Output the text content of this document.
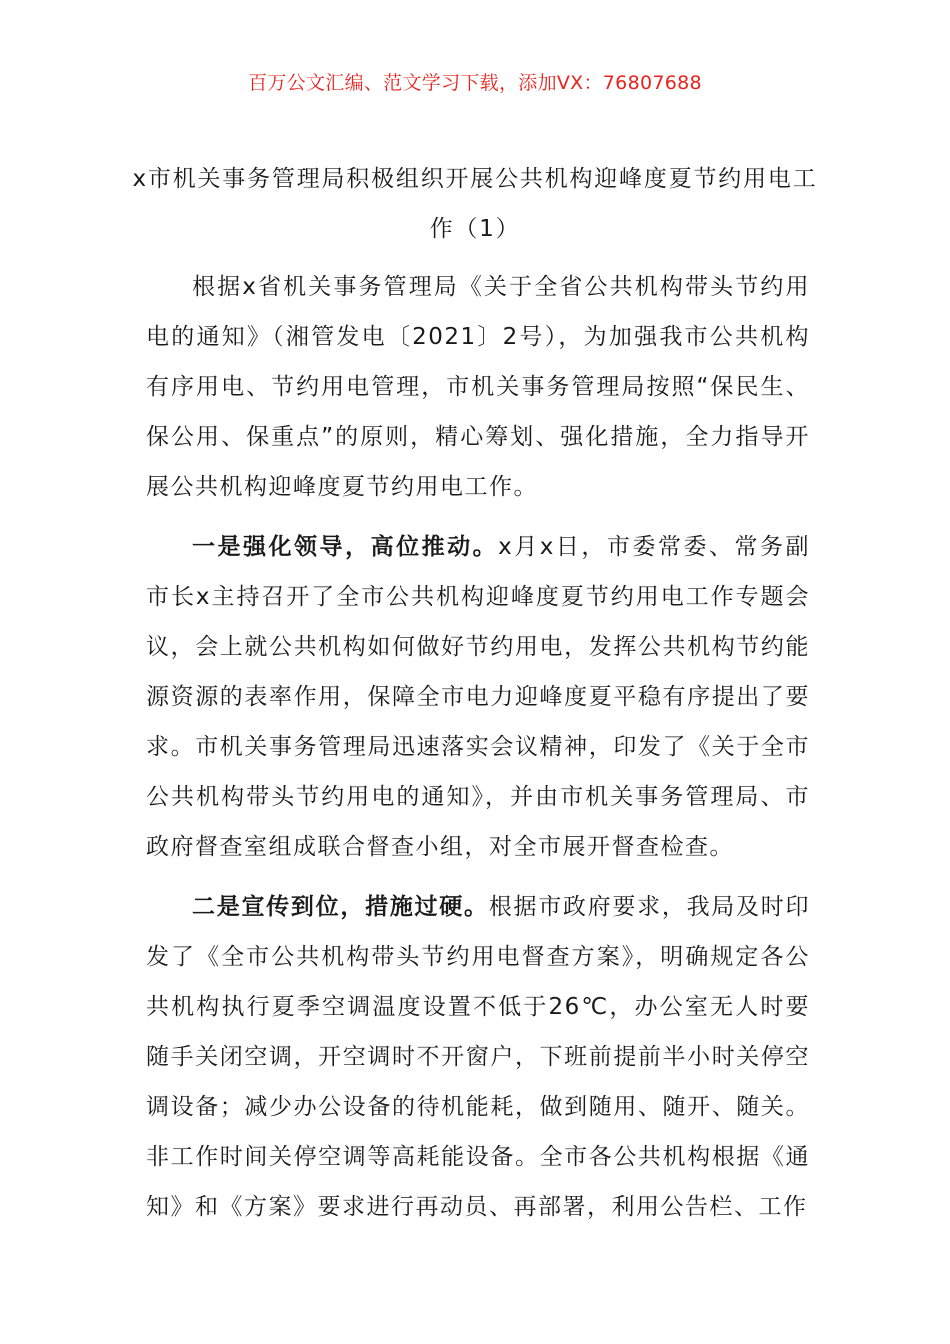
百万公文汇编、范文学习下载，添加VX：76807688
x市机关事务管理局积极组织开展公共机构迎峰度夏节约用电工作（1）

根据x省机关事务管理局《关于全省公共机构带头节约用电的通知》（湘管发电〔2021〕2号），为加强我市公共机构有序用电、节约用电管理，市机关事务管理局按照“保民生、保公用、保重点”的原则，精心筹划、强化措施，全力指导开展公共机构迎峰度夏节约用电工作。

一是强化领导，高位推动。x月x日，市委常委、常务副市长x主持召开了全市公共机构迎峰度夏节约用电工作专题会议，会上就公共机构如何做好节约用电，发挥公共机构节约能源资源的表率作用，保障全市电力迎峰度夏平稳有序提出了要求。市机关事务管理局迅速落实会议精神，印发了《关于全市公共机构带头节约用电的通知》，并由市机关事务管理局、市政府督查室组成联合督查小组，对全市展开督查检查。

二是宣传到位，措施过硬。根据市政府要求，我局及时印发了《全市公共机构带头节约用电督查方案》，明确规定各公共机构执行夏季空调温度设置不低于26℃，办公室无人时要随手关闭空调，开空调时不开窗户，下班前提前半小时关停空调设备；减少办公设备的待机能耗，做到随用、随开、随关。非工作时间关停空调等高耗能设备。全市各公共机构根据《通知》和《方案》要求进行再动员、再部署，利用公告栏、工作
